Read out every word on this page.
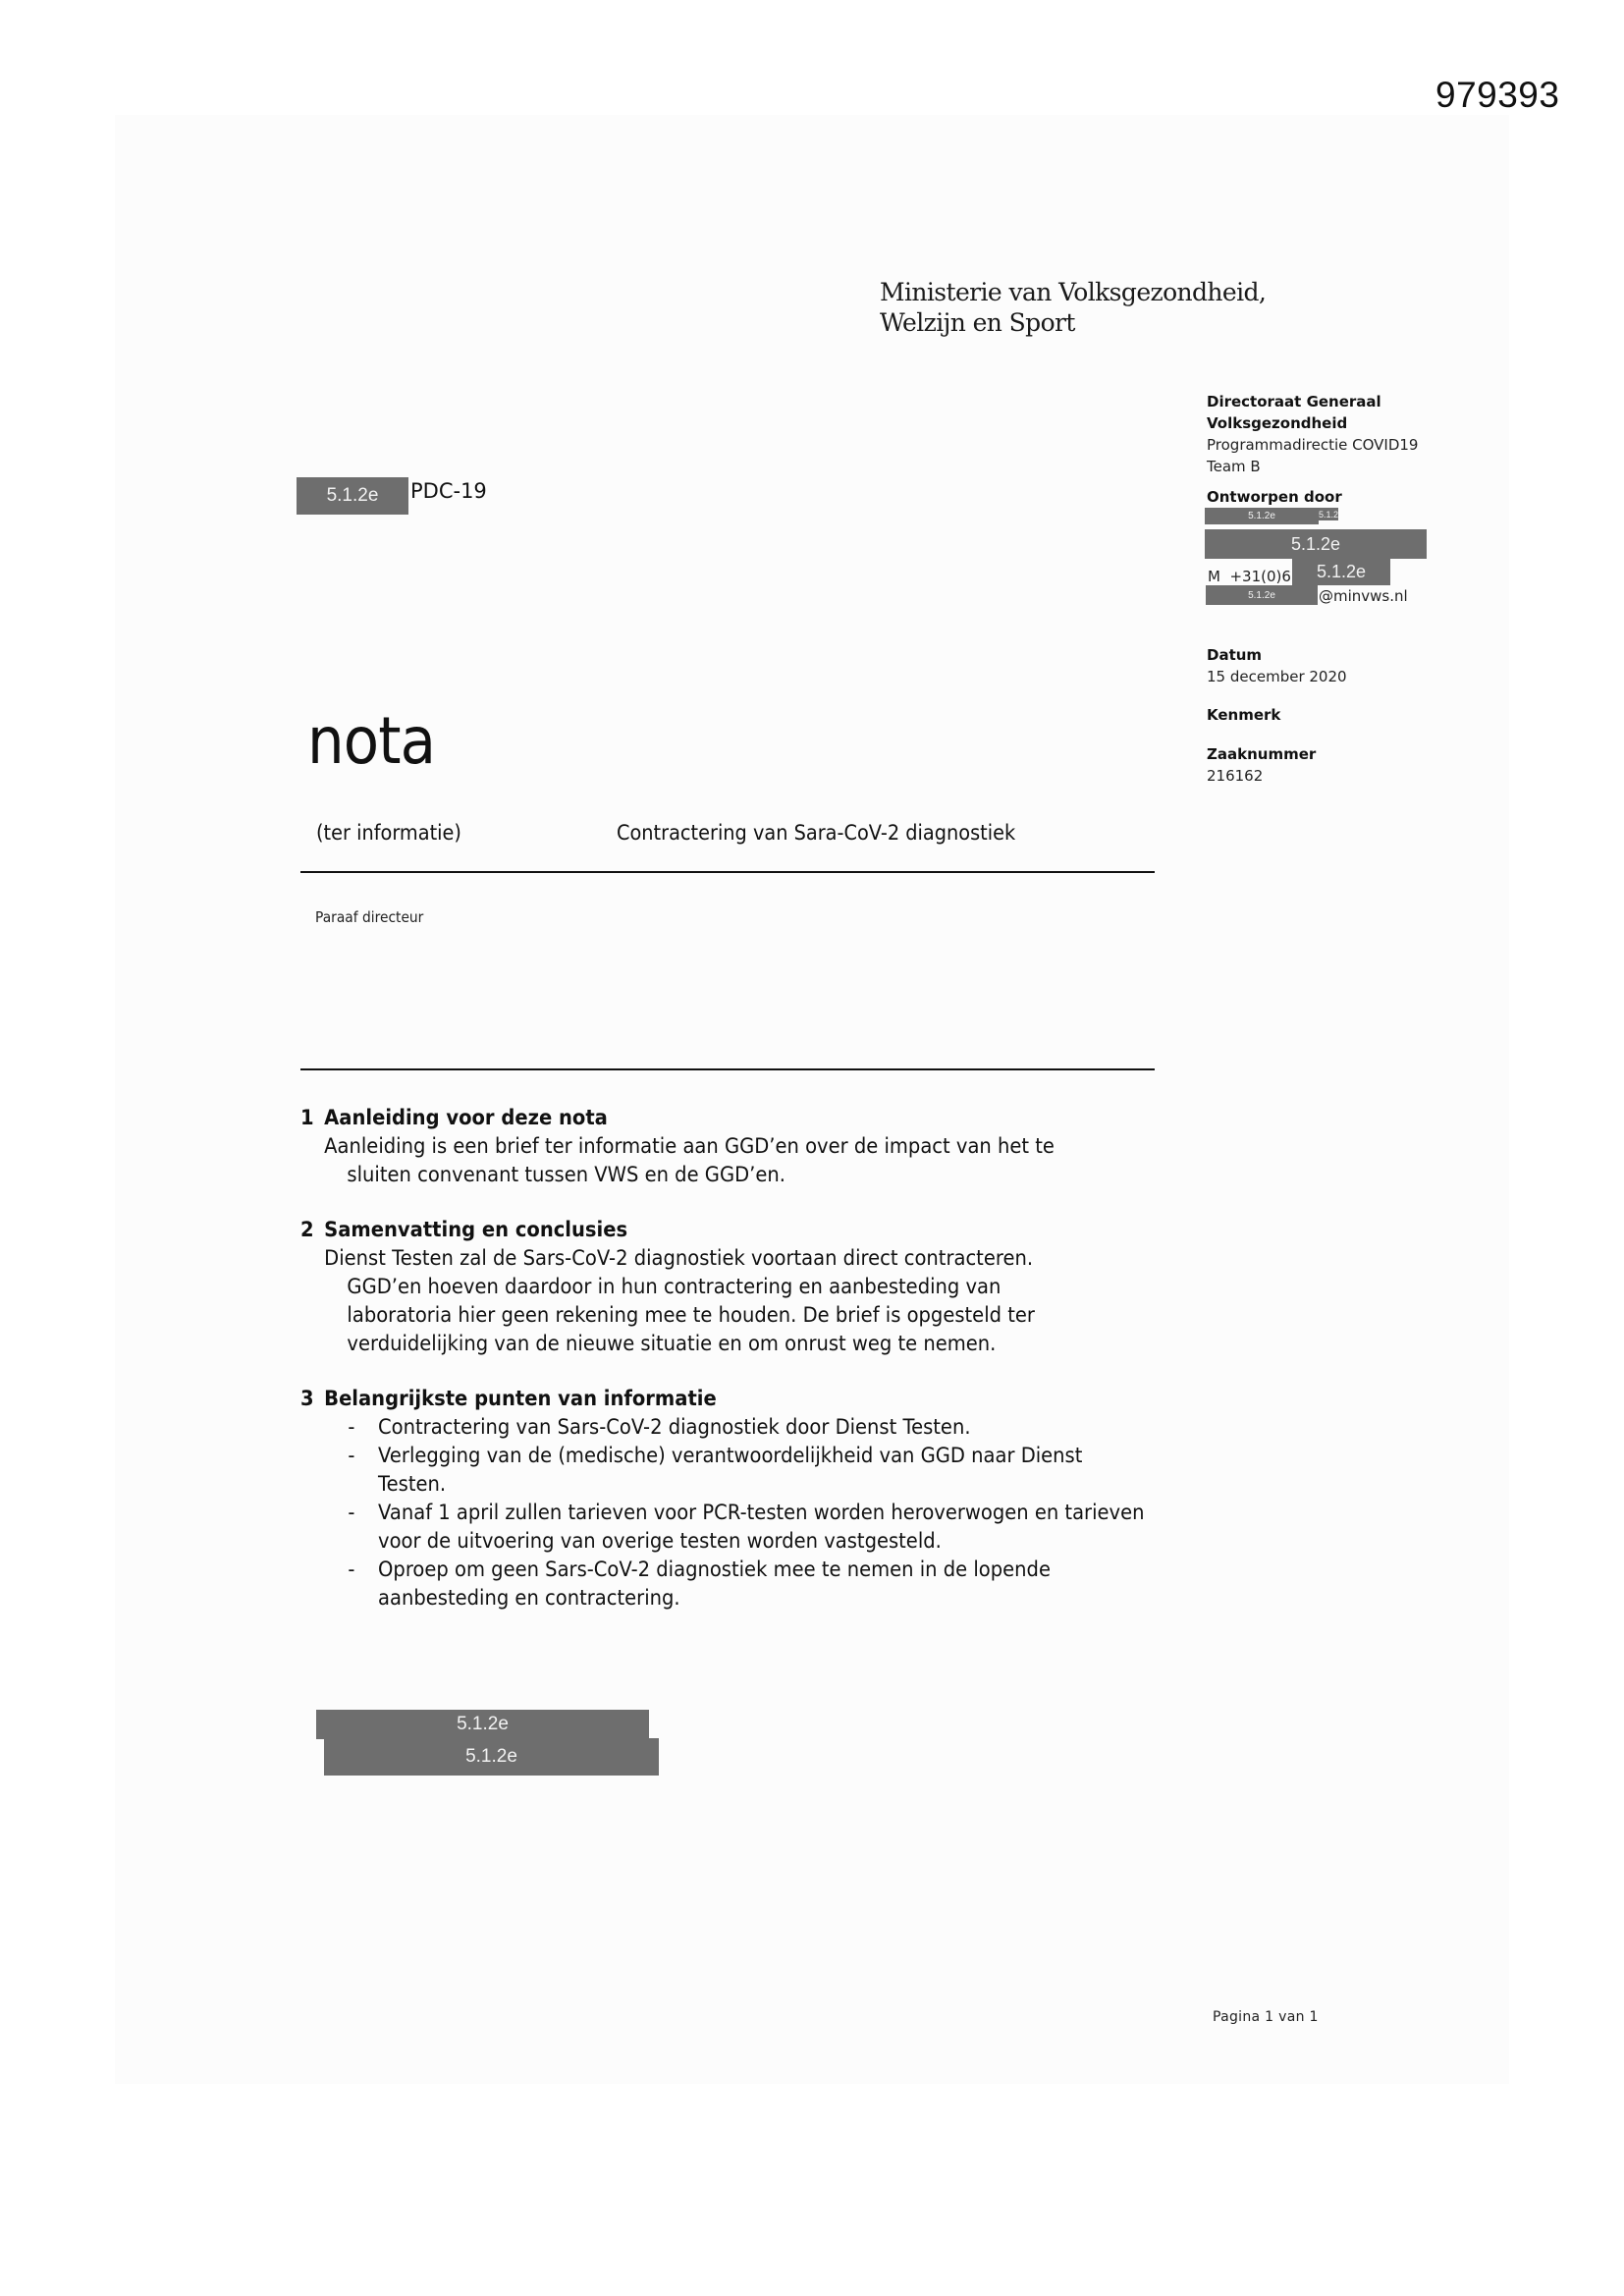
979393
Ministerie van Volksgezondheid,
Welzijn en Sport
5.1.2e	PDC-19
Directoraat Generaal
Volksgezondheid
Programmadirectie COVID19
Team B
Ontworpen door
5.1.2e	5.1.2
5.1.2e
M  +31(0)6	5.1.2e
5.1.2e	@minvws.nl
Datum
15 december 2020
Kenmerk
Zaaknummer
216162
nota
(ter informatie)	Contractering van Sara-CoV-2 diagnostiek
Paraaf directeur
1 Aanleiding voor deze nota
Aanleiding is een brief ter informatie aan GGD’en over de impact van het te
sluiten convenant tussen VWS en de GGD’en.
2 Samenvatting en conclusies
Dienst Testen zal de Sars-CoV-2 diagnostiek voortaan direct contracteren.
GGD’en hoeven daardoor in hun contractering en aanbesteding van laboratoria hier geen rekening mee te houden. De brief is opgesteld ter verduidelijking van de nieuwe situatie en om onrust weg te nemen.
3 Belangrijkste punten van informatie
- Contractering van Sars-CoV-2 diagnostiek door Dienst Testen.
- Verlegging van de (medische) verantwoordelijkheid van GGD naar Dienst Testen.
- Vanaf 1 april zullen tarieven voor PCR-testen worden heroverwogen en tarieven voor de uitvoering van overige testen worden vastgesteld.
- Oproep om geen Sars-CoV-2 diagnostiek mee te nemen in de lopende aanbesteding en contractering.
5.1.2e
5.1.2e
Pagina 1 van 1
